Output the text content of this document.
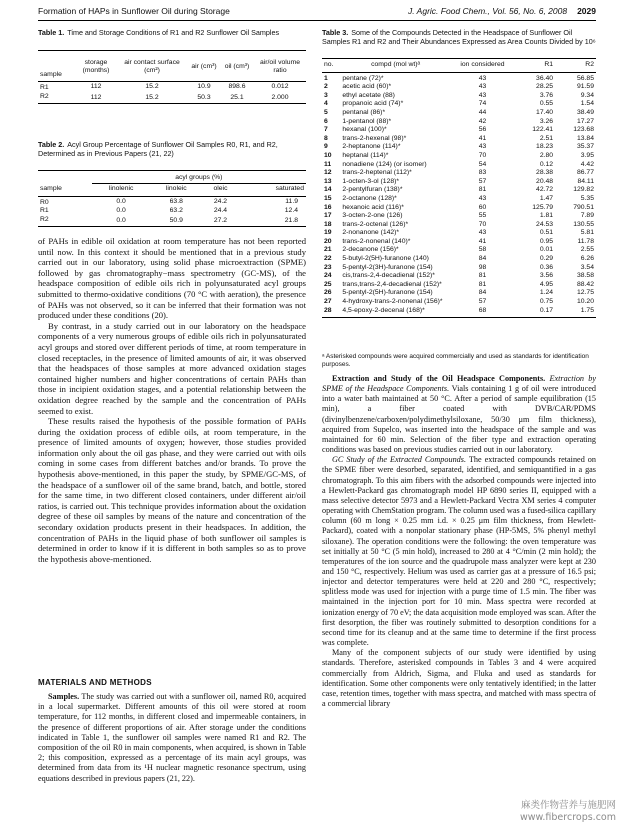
Formation of HAPs in Sunflower Oil during Storage	J. Agric. Food Chem., Vol. 56, No. 6, 2008 2029
Table 1. Time and Storage Conditions of R1 and R2 Sunflower Oil Samples
sample	storage (months)	air contact surface (cm²)	air (cm³)	oil (cm³)	air/oil volume ratio

R1	112	15.2	10.9	898.6	0.012
R2	112	15.2	50.3	25.1	2.000
Table 2. Acyl Group Percentage of Sunflower Oil Samples R0, R1, and R2, Determined as in Previous Papers (21, 22)
	acyl groups (%)			
sample	linolenic	linoleic	oleic	saturated
R0	0.0	63.8	24.2	11.9
R1	0.0	63.2	24.4	12.4
R2	0.0	50.9	27.2	21.8

of PAHs in edible oil oxidation at room temperature has not been reported until now. In this context it should be mentioned that in a previous study carried out in our laboratory, using solid phase microextraction (SPME) followed by gas chromatography−mass spectrometry (GC-MS), of the headspace composition of edible oils rich in polyunsaturated acyl groups submitted to thermo-oxidative conditions (70 °C with aeration), the presence of PAHs was not observed, so it can be inferred that their formation was not produced under these conditions (20).

By contrast, in a study carried out in our laboratory on the headspace components of a very numerous groups of edible oils rich in polyunsaturated acyl groups and stored over different periods of time, at room temperature in closed receptacles, in the presence of limited amounts of air, it was observed that the headspaces of those samples at more advanced oxidation stages contained higher numbers and higher concentrations of certain PAHs than those in incipient oxidation stages, and a potential relationship between the oxidation degree reached by the sample and the concentration of PAHs seemed to exist.

These results raised the hypothesis of the possible formation of PAHs during the oxidation process of edible oils, at room temperature, in the presence of limited amounts of oxygen; however, those studies provided information only about the oil gas phase, and they were carried out with oils coming in some cases from different batches and/or brands. To prove the hypothesis above-mentioned, in this paper the study, by SPME/GC-MS, of the headspace of a sunflower oil of the same brand, batch, and bottle, stored for the same time, in two different closed containers, under different air/oil ratios, is carried out. This technique provides information about the oxidation degree of these oil samples by means of the nature and concentration of the secondary oxidation products present in their headspaces. In addition, the concentration of PAHs in the liquid phase of both sunflower oil samples is determined in order to know if it is different in both samples so as to prove the hypothesis above-mentioned.

MATERIALS AND METHODS

Samples. The study was carried out with a sunflower oil, named R0, acquired in a local supermarket. Different amounts of this oil were stored at room temperature, for 112 months, in different closed and impermeable containers, in the presence of different proportions of air. After storage under the conditions indicated in Table 1, the sunflower oil samples were named R1 and R2. The composition of the oil R0 in main components, when acquired, is shown in Table 2; this composition, expressed as a percentage of its main acyl groups, was determined from data from its ¹H nuclear magnetic resonance spectrum, using equations described in previous papers (21, 22).

Table 3. Some of the Compounds Detected in the Headspace of Sunflower Oil Samples R1 and R2 and Their Abundances Expressed as Area Counts Divided by 10⁶
no.	compd (mol wt)ᵃ	ion considered	R1	R2
1	pentane (72)*	43	36.40	56.85
2	acetic acid (60)*	43	28.25	91.59
3	ethyl acetate (88)	43	3.76	9.34
4	propanoic acid (74)*	74	0.55	1.54
5	pentanal (86)*	44	17.40	38.49
6	1-pentanol (88)*	42	3.26	17.27
7	hexanal (100)*	56	122.41	123.68
8	trans-2-hexenal (98)*	41	2.51	13.84
9	2-heptanone (114)*	43	18.23	35.37
10	heptanal (114)*	70	2.80	3.95
11	nonadiene (124) (or isomer)	54	0.12	4.42
12	trans-2-heptenal (112)*	83	28.38	86.77
13	1-octen-3-ol (128)*	57	20.48	84.11
14	2-pentylfuran (138)*	81	42.72	129.82
15	2-octanone (128)*	43	1.47	5.35
16	hexanoic acid (116)*	60	125.79	790.51
17	3-octen-2-one (126)	55	1.81	7.89
18	trans-2-octenal (126)*	70	24.53	130.55
19	2-nonanone (142)*	43	0.51	5.81
20	trans-2-nonenal (140)*	41	0.95	11.78
21	2-decanone (156)*	58	0.01	2.55
22	5-butyl-2(5H)-furanone (140)	84	0.29	6.26
23	5-pentyl-2(3H)-furanone (154)	98	0.36	3.54
24	cis,trans-2,4-decadienal (152)*	81	3.56	38.58
25	trans,trans-2,4-decadienal (152)*	81	4.95	88.42
26	5-pentyl-2(5H)-furanone (154)	84	1.24	12.75
27	4-hydroxy-trans-2-nonenal (156)*	57	0.75	10.20
28	4,5-epoxy-2-decenal (168)*	68	0.17	1.75
ᵃ Asterisked compounds were acquired commercially and used as standards for identification purposes.

Extraction and Study of the Oil Headspace Components. Extraction by SPME of the Headspace Components. Vials containing 1 g of oil were introduced into a water bath maintained at 50 °C. After a period of sample equilibration (15 min), a fiber coated with DVB/CAR/PDMS (divinylbenzene/carboxen/polydimethylsiloxane, 50/30 μm film thickness), acquired from Supelco, was inserted into the headspace of the sample and was maintained for 60 min. Selection of the fiber type and extraction operating conditions was based on previous studies carried out in our laboratory.

GC Study of the Extracted Compounds. The extracted compounds retained on the SPME fiber were desorbed, separated, identified, and semiquantified in a gas chromatograph. To this aim fibers with the adsorbed compounds were injected into a Hewlett-Packard gas chromatograph model HP 6890 series II, equipped with a mass selective detector 5973 and a Hewlett-Packard Vectra XM series 4 computer operating with ChemStation program. The column used was a fused-silica capillary column (60 m long × 0.25 mm i.d. × 0.25 μm film thickness, from Hewlett-Packard), coated with a nonpolar stationary phase (HP-5MS, 5% phenyl methyl siloxane). The operation conditions were the following: the oven temperature was set initially at 50 °C (5 min hold), increased to 280 at 4 °C/min (2 min hold); the temperatures of the ion source and the quadrupole mass analyzer were kept at 230 and 150 °C, respectively. Helium was used as carrier gas at a pressure of 16.5 psi; injector and detector temperatures were held at 220 and 280 °C, respectively; splitless mode was used for injection with a purge time of 1.5 min. The fiber was maintained in the injection port for 10 min. Mass spectra were recorded at ionization energy of 70 eV; the data acquisition mode employed was scan. After the first desorption, the fiber was routinely submitted to desorption conditions for a second time for its cleanup and at the same time to determine if the first process was complete.

Many of the component subjects of our study were identified by using standards. Therefore, asterisked compounds in Tables 3 and 4 were acquired commercially from Aldrich, Sigma, and Fluka and used as standards for identification. Some other components were only tentatively identified; in the latter case, retention times, together with mass spectra, and matched with mass spectra of a commercial library

麻类作物营养与施肥网
www.fibercrops.com
